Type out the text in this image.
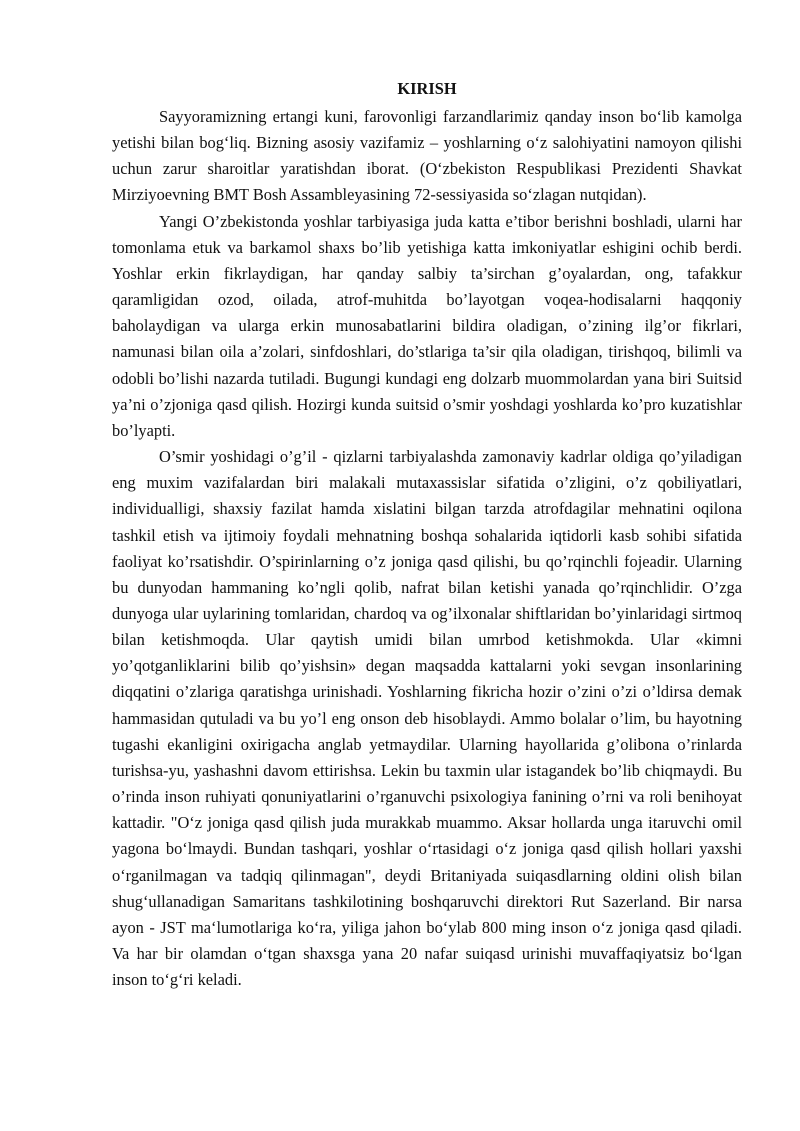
KIRISH

Sayyoramizning ertangi kuni, farovonligi farzandlarimiz qanday inson bo‘lib kamolga yetishi bilan bog‘liq. Bizning asosiy vazifamiz – yoshlarning o‘z salohiyatini namoyon qilishi uchun zarur sharoitlar yaratishdan iborat. (O‘zbekiston Respublikasi Prezidenti Shavkat Mirziyoevning BMT Bosh Assambleyasining 72-sessiyasida so‘zlagan nutqidan).

Yangi O’zbekistonda yoshlar tarbiyasiga juda katta e’tibor berishni boshladi, ularni har tomonlama etuk va barkamol shaxs bo’lib yetishiga katta imkoniyatlar eshigini ochib berdi. Yoshlar erkin fikrlaydigan, har qanday salbiy ta’sirchan g’oyalardan, ong, tafakkur qaramligidan ozod, oilada, atrof-muhitda bo’layotgan voqea-hodisalarni haqqoniy baholaydigan va ularga erkin munosabatlarini bildira oladigan, o’zining ilg’or fikrlari, namunasi bilan oila a’zolari, sinfdoshlari, do’stlariga ta’sir qila oladigan, tirishqoq, bilimli va odobli bo’lishi nazarda tutiladi. Bugungi kundagi eng dolzarb muommolardan yana biri Suitsid ya’ni o’zjoniga qasd qilish. Hozirgi kunda suitsid o’smir yoshdagi yoshlarda ko’pro kuzatishlar bo’lyapti.

O’smir yoshidagi o’g’il - qizlarni tarbiyalashda zamonaviy kadrlar oldiga qo’yiladigan eng muxim vazifalardan biri malakali mutaxassislar sifatida o’zligini, o’z qobiliyatlari, individualligi, shaxsiy fazilat hamda xislatini bilgan tarzda atrofdagilar mehnatini oqilona tashkil etish va ijtimoiy foydali mehnatning boshqa sohalarida iqtidorli kasb sohibi sifatida faoliyat ko’rsatishdir. O’spirinlarning o’z joniga qasd qilishi, bu qo’rqinchli fojeadir. Ularning bu dunyodan hammaning ko’ngli qolib, nafrat bilan ketishi yanada qo’rqinchlidir. O’zga dunyoga ular uylarining tomlaridan, chardoq va og’ilxonalar shiftlaridan bo’yinlaridagi sirtmoq bilan ketishmoqda. Ular qaytish umidi bilan umrbod ketishmokda. Ular «kimni yo’qotganliklarini bilib qo’yishsin» degan maqsadda kattalarni yoki sevgan insonlarining diqqatini o’zlariga qaratishga urinishadi. Yoshlarning fikricha hozir o’zini o’zi o’ldirsa demak hammasidan qutuladi va bu yo’l eng onson deb hisoblaydi. Ammo bolalar o’lim, bu hayotning tugashi ekanligini oxirigacha anglab yetmaydilar. Ularning hayollarida g’olibona o’rinlarda turishsa-yu, yashashni davom ettirishsa. Lekin bu taxmin ular istagandek bo’lib chiqmaydi. Bu o’rinda inson ruhiyati qonuniyatlarini o’rganuvchi psixologiya fanining o’rni va roli benihoyat kattadir. "O‘z joniga qasd qilish juda murakkab muammo. Aksar hollarda unga itaruvchi omil yagona bo‘lmaydi. Bundan tashqari, yoshlar o‘rtasidagi o‘z joniga qasd qilish hollari yaxshi o‘rganilmagan va tadqiq qilinmagan", deydi Britaniyada suiqasdlarning oldini olish bilan shug‘ullanadigan Samaritans tashkilotining boshqaruvchi direktori Rut Sazerland. Bir narsa ayon - JST ma‘lumotlariga ko‘ra, yiliga jahon bo‘ylab 800 ming inson o‘z joniga qasd qiladi. Va har bir olamdan o‘tgan shaxsga yana 20 nafar suiqasd urinishi muvaffaqiyatsiz bo‘lgan inson to‘g‘ri keladi.
